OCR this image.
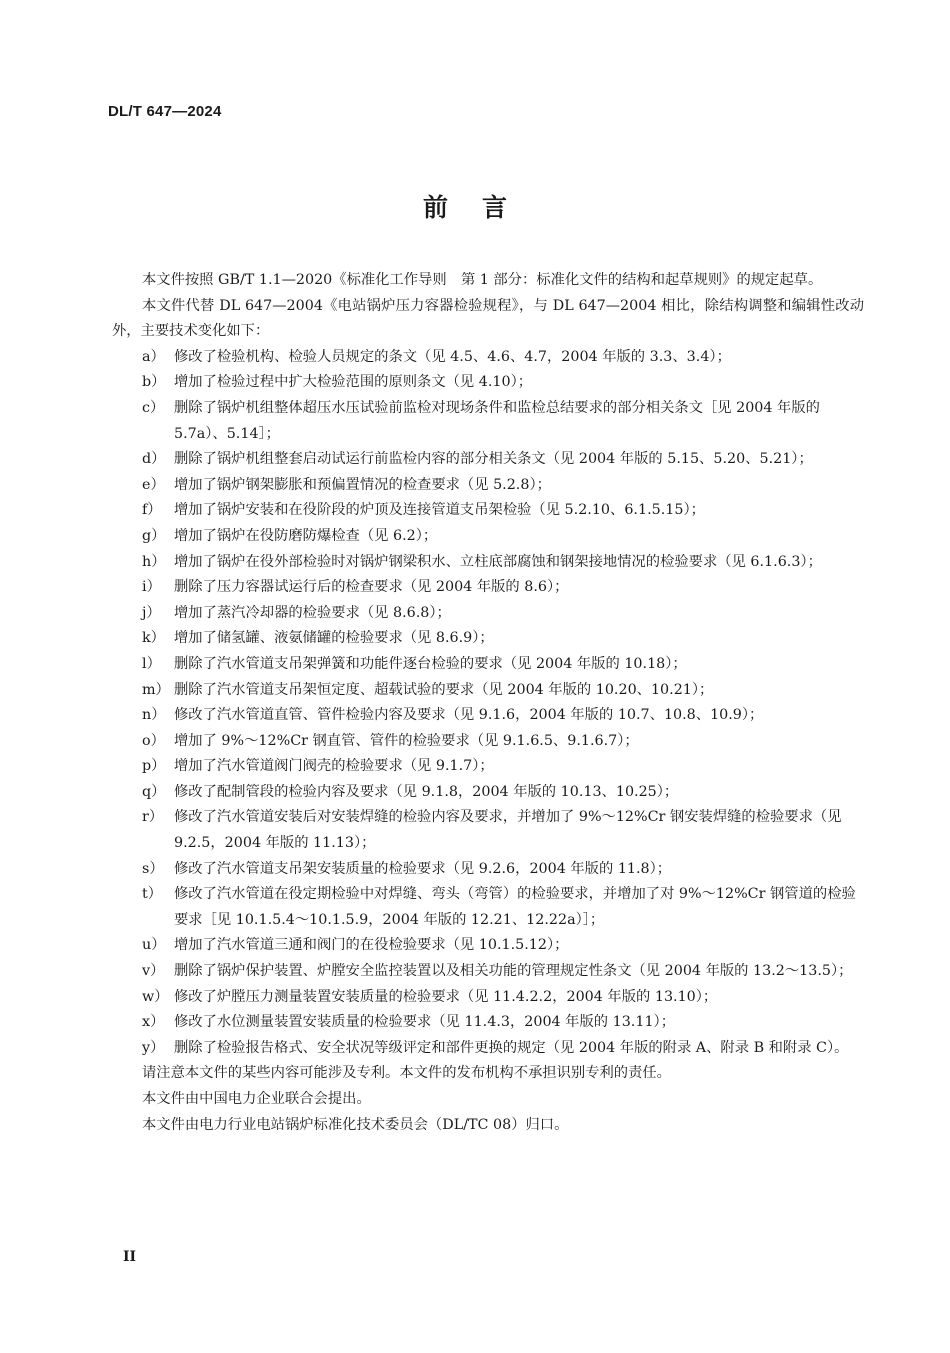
DL/T 647—2024
前言

本文件按照 GB/T 1.1—2020《标准化工作导则　第 1 部分：标准化文件的结构和起草规则》的规定起草。

本文件代替 DL 647—2004《电站锅炉压力容器检验规程》，与 DL 647—2004 相比，除结构调整和编辑性改动外，主要技术变化如下：

a） 修改了检验机构、检验人员规定的条文（见 4.5、4.6、4.7，2004 年版的 3.3、3.4）；
b） 增加了检验过程中扩大检验范围的原则条文（见 4.10）；
c） 删除了锅炉机组整体超压水压试验前监检对现场条件和监检总结要求的部分相关条文［见 2004 年版的 5.7a）、5.14］；
d） 删除了锅炉机组整套启动试运行前监检内容的部分相关条文（见 2004 年版的 5.15、5.20、5.21）；
e） 增加了锅炉钢架膨胀和预偏置情况的检查要求（见 5.2.8）；
f） 增加了锅炉安装和在役阶段的炉顶及连接管道支吊架检验（见 5.2.10、6.1.5.15）；
g） 增加了锅炉在役防磨防爆检查（见 6.2）；
h） 增加了锅炉在役外部检验时对锅炉钢梁积水、立柱底部腐蚀和钢架接地情况的检验要求（见 6.1.6.3）；
i） 删除了压力容器试运行后的检查要求（见 2004 年版的 8.6）；
j） 增加了蒸汽冷却器的检验要求（见 8.6.8）；
k） 增加了储氢罐、液氨储罐的检验要求（见 8.6.9）；
l） 删除了汽水管道支吊架弹簧和功能件逐台检验的要求（见 2004 年版的 10.18）；
m） 删除了汽水管道支吊架恒定度、超载试验的要求（见 2004 年版的 10.20、10.21）；
n） 修改了汽水管道直管、管件检验内容及要求（见 9.1.6，2004 年版的 10.7、10.8、10.9）；
o） 增加了 9%～12%Cr 钢直管、管件的检验要求（见 9.1.6.5、9.1.6.7）；
p） 增加了汽水管道阀门阀壳的检验要求（见 9.1.7）；
q） 修改了配制管段的检验内容及要求（见 9.1.8，2004 年版的 10.13、10.25）；
r） 修改了汽水管道安装后对安装焊缝的检验内容及要求，并增加了 9%～12%Cr 钢安装焊缝的检验要求（见 9.2.5，2004 年版的 11.13）；
s） 修改了汽水管道支吊架安装质量的检验要求（见 9.2.6，2004 年版的 11.8）；
t） 修改了汽水管道在役定期检验中对焊缝、弯头（弯管）的检验要求，并增加了对 9%～12%Cr 钢管道的检验要求［见 10.1.5.4～10.1.5.9，2004 年版的 12.21、12.22a）］；
u） 增加了汽水管道三通和阀门的在役检验要求（见 10.1.5.12）；
v） 删除了锅炉保护装置、炉膛安全监控装置以及相关功能的管理规定性条文（见 2004 年版的 13.2～13.5）；
w） 修改了炉膛压力测量装置安装质量的检验要求（见 11.4.2.2，2004 年版的 13.10）；
x） 修改了水位测量装置安装质量的检验要求（见 11.4.3，2004 年版的 13.11）；
y） 删除了检验报告格式、安全状况等级评定和部件更换的规定（见 2004 年版的附录 A、附录 B 和附录 C）。

请注意本文件的某些内容可能涉及专利。本文件的发布机构不承担识别专利的责任。

本文件由中国电力企业联合会提出。

本文件由电力行业电站锅炉标准化技术委员会（DL/TC 08）归口。

II
